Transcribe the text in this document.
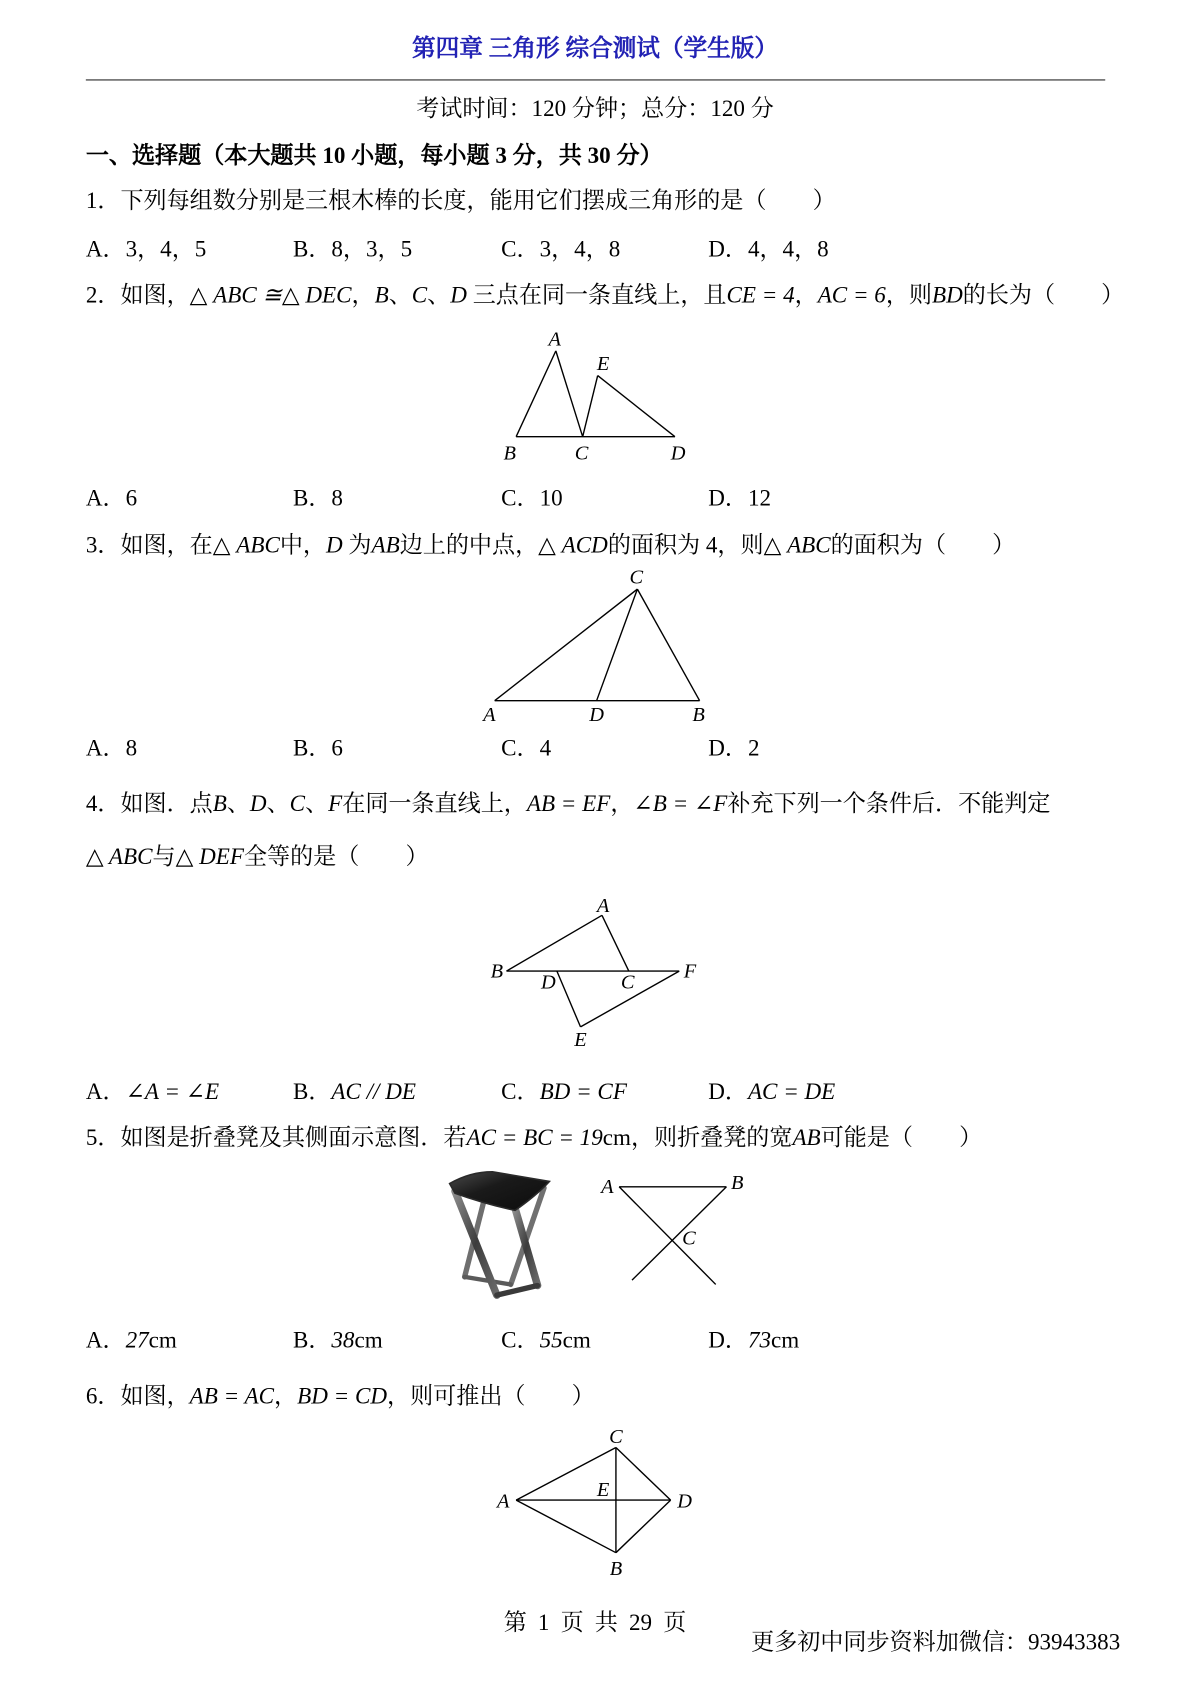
第四章 三角形 综合测试（学生版）
考试时间：120 分钟；总分：120 分
一、选择题（本大题共 10 小题，每小题 3 分，共 30 分）
1．下列每组数分别是三根木棒的长度，能用它们摆成三角形的是（　　）
A．3，4，5	B．8，3，5	C．3，4，8	D．4，4，8
2．如图，△ ABC ≅△ DEC，B、C、D 三点在同一条直线上，且CE = 4，AC = 6，则BD的长为（　　）
A
E
B	C	D
A．6	B．8	C．10	D．12
3．如图，在△ ABC中，D 为AB边上的中点，△ ACD的面积为 4，则△ ABC的面积为（　　）
C
A	D	B
A．8	B．6	C．4	D．2
4．如图．点B、D、C、F在同一条直线上，AB = EF，∠B = ∠F补充下列一个条件后．不能判定
△ ABC与△ DEF全等的是（　　）
A
B D	C	F
E
A．∠A = ∠E	B．AC // DE	C．BD = CF	D．AC = DE
5．如图是折叠凳及其侧面示意图．若AC = BC = 19cm，则折叠凳的宽AB可能是（　　）
A	B
C
A．27cm	B．38cm	C．55cm	D．73cm
6．如图，AB = AC，BD = CD，则可推出（　　）
C
A
E
D
B
第 1 页 共 29 页
更多初中同步资料加微信：93943383
